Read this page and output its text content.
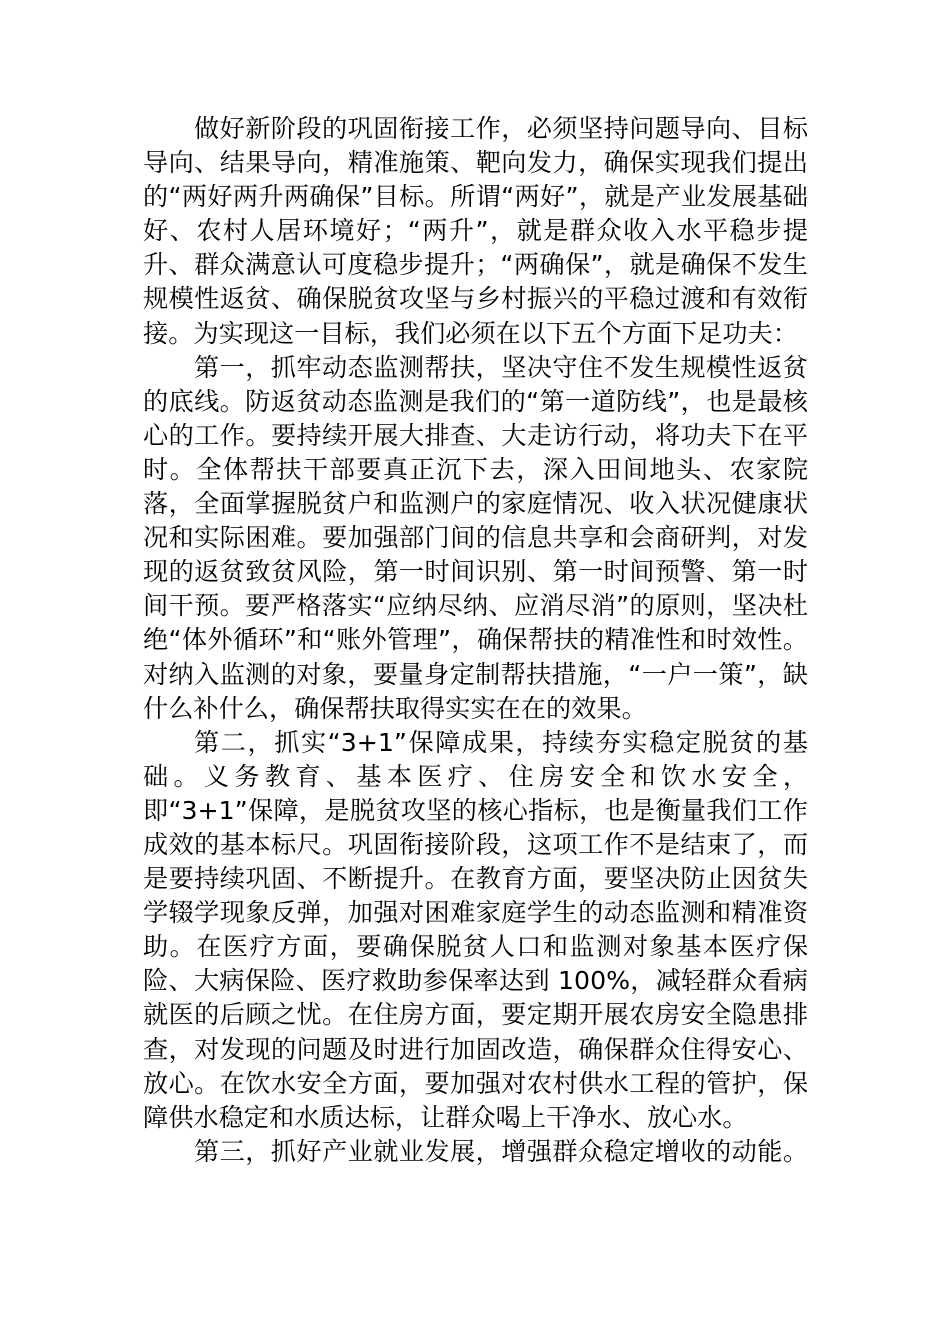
做好新阶段的巩固衔接工作，必须坚持问题导向、目标导向、结果导向，精准施策、靶向发力，确保实现我们提出的“两好两升两确保”目标。所谓“两好”，就是产业发展基础好、农村人居环境好；“两升”，就是群众收入水平稳步提升、群众满意认可度稳步提升；“两确保”，就是确保不发生规模性返贫、确保脱贫攻坚与乡村振兴的平稳过渡和有效衔接。为实现这一目标，我们必须在以下五个方面下足功夫：

第一，抓牢动态监测帮扶，坚决守住不发生规模性返贫的底线。防返贫动态监测是我们的“第一道防线”，也是最核心的工作。要持续开展大排查、大走访行动，将功夫下在平时。全体帮扶干部要真正沉下去，深入田间地头、农家院落，全面掌握脱贫户和监测户的家庭情况、收入状况健康状况和实际困难。要加强部门间的信息共享和会商研判，对发现的返贫致贫风险，第一时间识别、第一时间预警、第一时间干预。要严格落实“应纳尽纳、应消尽消”的原则，坚决杜绝“体外循环”和“账外管理”，确保帮扶的精准性和时效性。对纳入监测的对象，要量身定制帮扶措施，“一户一策”，缺什么补什么，确保帮扶取得实实在在的效果。

第二，抓实“3+1”保障成果，持续夯实稳定脱贫的基础。义务教育、基本医疗、住房安全和饮水安全，即“3+1”保障，是脱贫攻坚的核心指标，也是衡量我们工作成效的基本标尺。巩固衔接阶段，这项工作不是结束了，而是要持续巩固、不断提升。在教育方面，要坚决防止因贫失学辍学现象反弹，加强对困难家庭学生的动态监测和精准资助。在医疗方面，要确保脱贫人口和监测对象基本医疗保险、大病保险、医疗救助参保率达到 100%，减轻群众看病就医的后顾之忧。在住房方面，要定期开展农房安全隐患排查，对发现的问题及时进行加固改造，确保群众住得安心、放心。在饮水安全方面，要加强对农村供水工程的管护，保障供水稳定和水质达标，让群众喝上干净水、放心水。

第三，抓好产业就业发展，增强群众稳定增收的动能。
